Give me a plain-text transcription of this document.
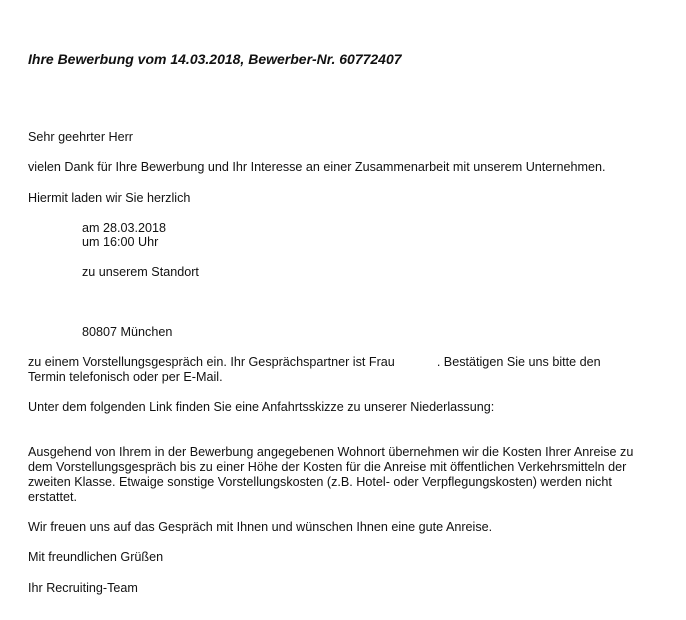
Ihre Bewerbung vom 14.03.2018, Bewerber-Nr. 60772407
Sehr geehrter Herr
vielen Dank für Ihre Bewerbung und Ihr Interesse an einer Zusammenarbeit mit unserem Unternehmen.
Hiermit laden wir Sie herzlich
am 28.03.2018
um 16:00 Uhr
zu unserem Standort
80807 München
zu einem Vorstellungsgespräch ein. Ihr Gesprächspartner ist Frau	. Bestätigen Sie uns bitte den
Termin telefonisch oder per E-Mail.
Unter dem folgenden Link finden Sie eine Anfahrtsskizze zu unserer Niederlassung:
Ausgehend von Ihrem in der Bewerbung angegebenen Wohnort übernehmen wir die Kosten Ihrer Anreise zu
dem Vorstellungsgespräch bis zu einer Höhe der Kosten für die Anreise mit öffentlichen Verkehrsmitteln der
zweiten Klasse. Etwaige sonstige Vorstellungskosten (z.B. Hotel- oder Verpflegungskosten) werden nicht
erstattet.
Wir freuen uns auf das Gespräch mit Ihnen und wünschen Ihnen eine gute Anreise.
Mit freundlichen Grüßen
Ihr Recruiting-Team
